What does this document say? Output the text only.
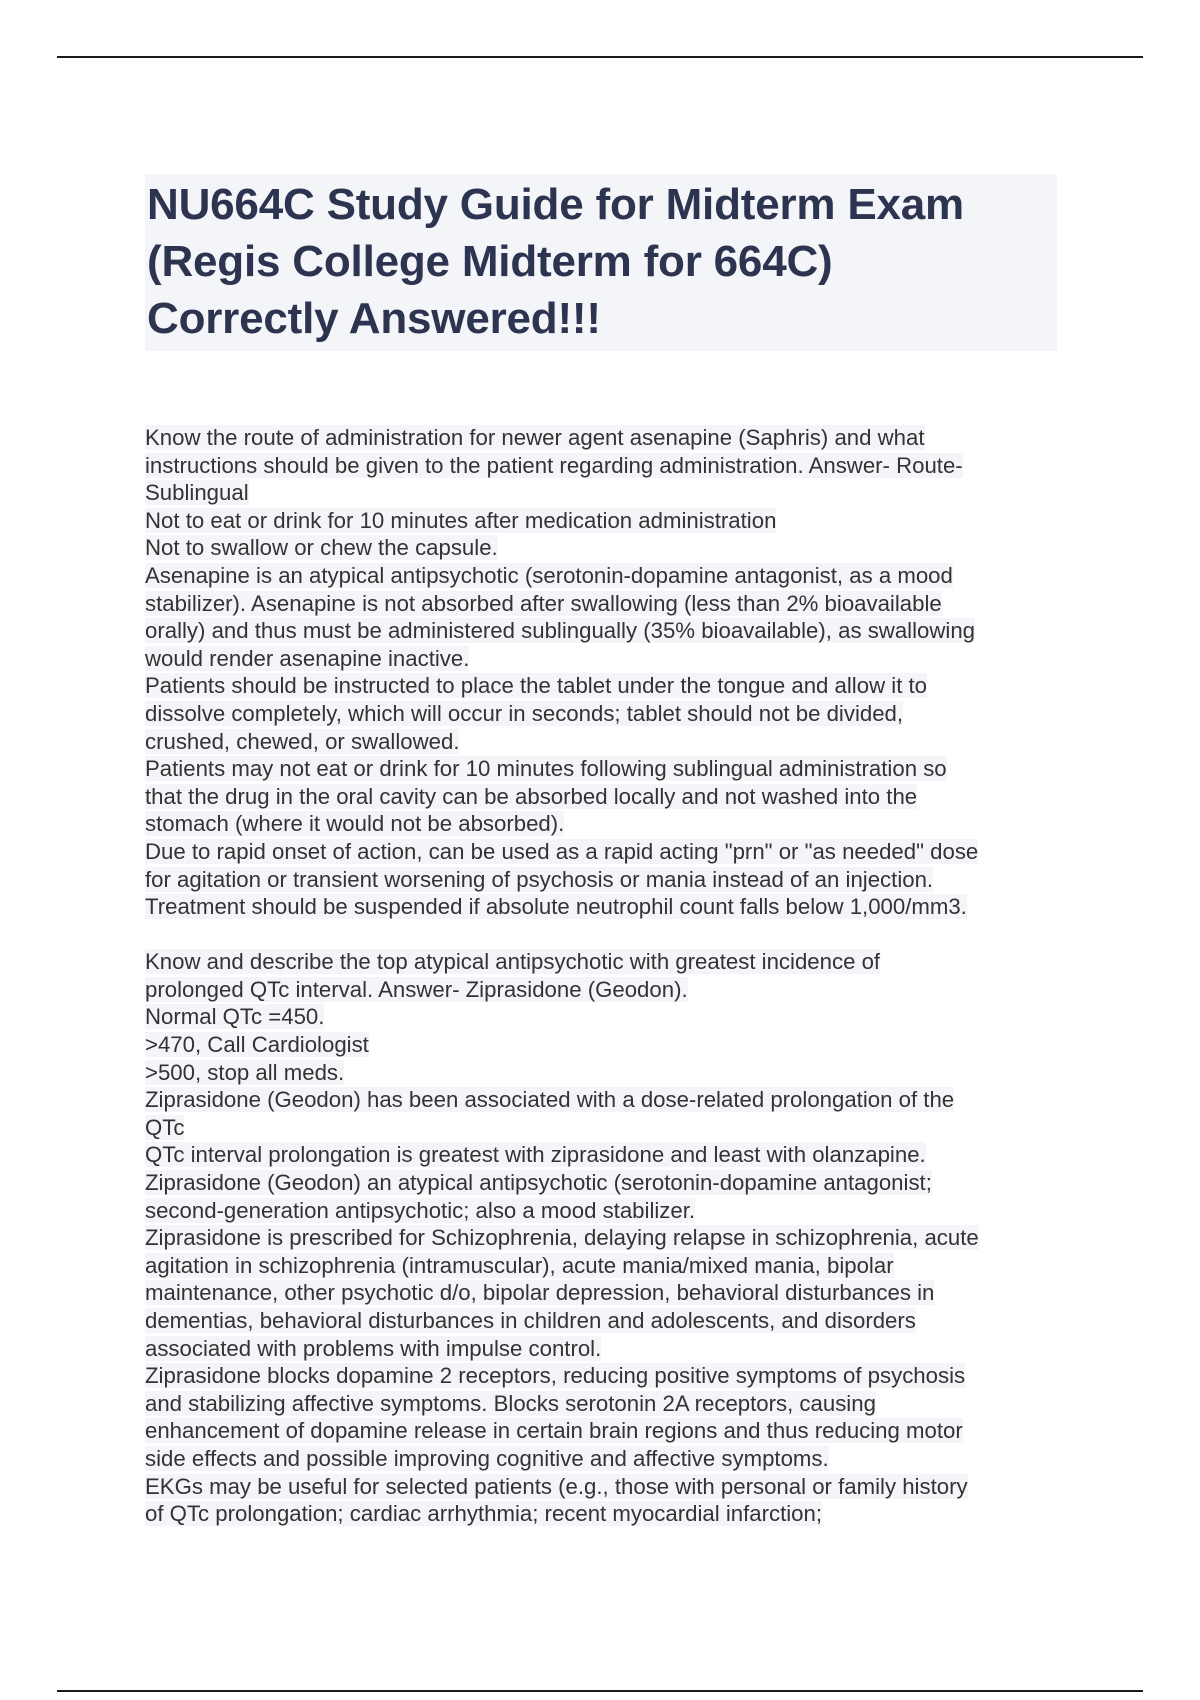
NU664C Study Guide for Midterm Exam
(Regis College Midterm for 664C)
Correctly Answered!!!
Know the route of administration for newer agent asenapine (Saphris) and what
instructions should be given to the patient regarding administration. Answer- Route-
Sublingual
Not to eat or drink for 10 minutes after medication administration
Not to swallow or chew the capsule.
Asenapine is an atypical antipsychotic (serotonin-dopamine antagonist, as a mood
stabilizer). Asenapine is not absorbed after swallowing (less than 2% bioavailable
orally) and thus must be administered sublingually (35% bioavailable), as swallowing
would render asenapine inactive.
Patients should be instructed to place the tablet under the tongue and allow it to
dissolve completely, which will occur in seconds; tablet should not be divided,
crushed, chewed, or swallowed.
Patients may not eat or drink for 10 minutes following sublingual administration so
that the drug in the oral cavity can be absorbed locally and not washed into the
stomach (where it would not be absorbed).
Due to rapid onset of action, can be used as a rapid acting "prn" or "as needed" dose
for agitation or transient worsening of psychosis or mania instead of an injection.
Treatment should be suspended if absolute neutrophil count falls below 1,000/mm3.
Know and describe the top atypical antipsychotic with greatest incidence of
prolonged QTc interval. Answer- Ziprasidone (Geodon).
Normal QTc =450.
>470, Call Cardiologist
>500, stop all meds.
Ziprasidone (Geodon) has been associated with a dose-related prolongation of the
QTc
QTc interval prolongation is greatest with ziprasidone and least with olanzapine.
Ziprasidone (Geodon) an atypical antipsychotic (serotonin-dopamine antagonist;
second-generation antipsychotic; also a mood stabilizer.
Ziprasidone is prescribed for Schizophrenia, delaying relapse in schizophrenia, acute
agitation in schizophrenia (intramuscular), acute mania/mixed mania, bipolar
maintenance, other psychotic d/o, bipolar depression, behavioral disturbances in
dementias, behavioral disturbances in children and adolescents, and disorders
associated with problems with impulse control.
Ziprasidone blocks dopamine 2 receptors, reducing positive symptoms of psychosis
and stabilizing affective symptoms. Blocks serotonin 2A receptors, causing
enhancement of dopamine release in certain brain regions and thus reducing motor
side effects and possible improving cognitive and affective symptoms.
EKGs may be useful for selected patients (e.g., those with personal or family history
of QTc prolongation; cardiac arrhythmia; recent myocardial infarction;
